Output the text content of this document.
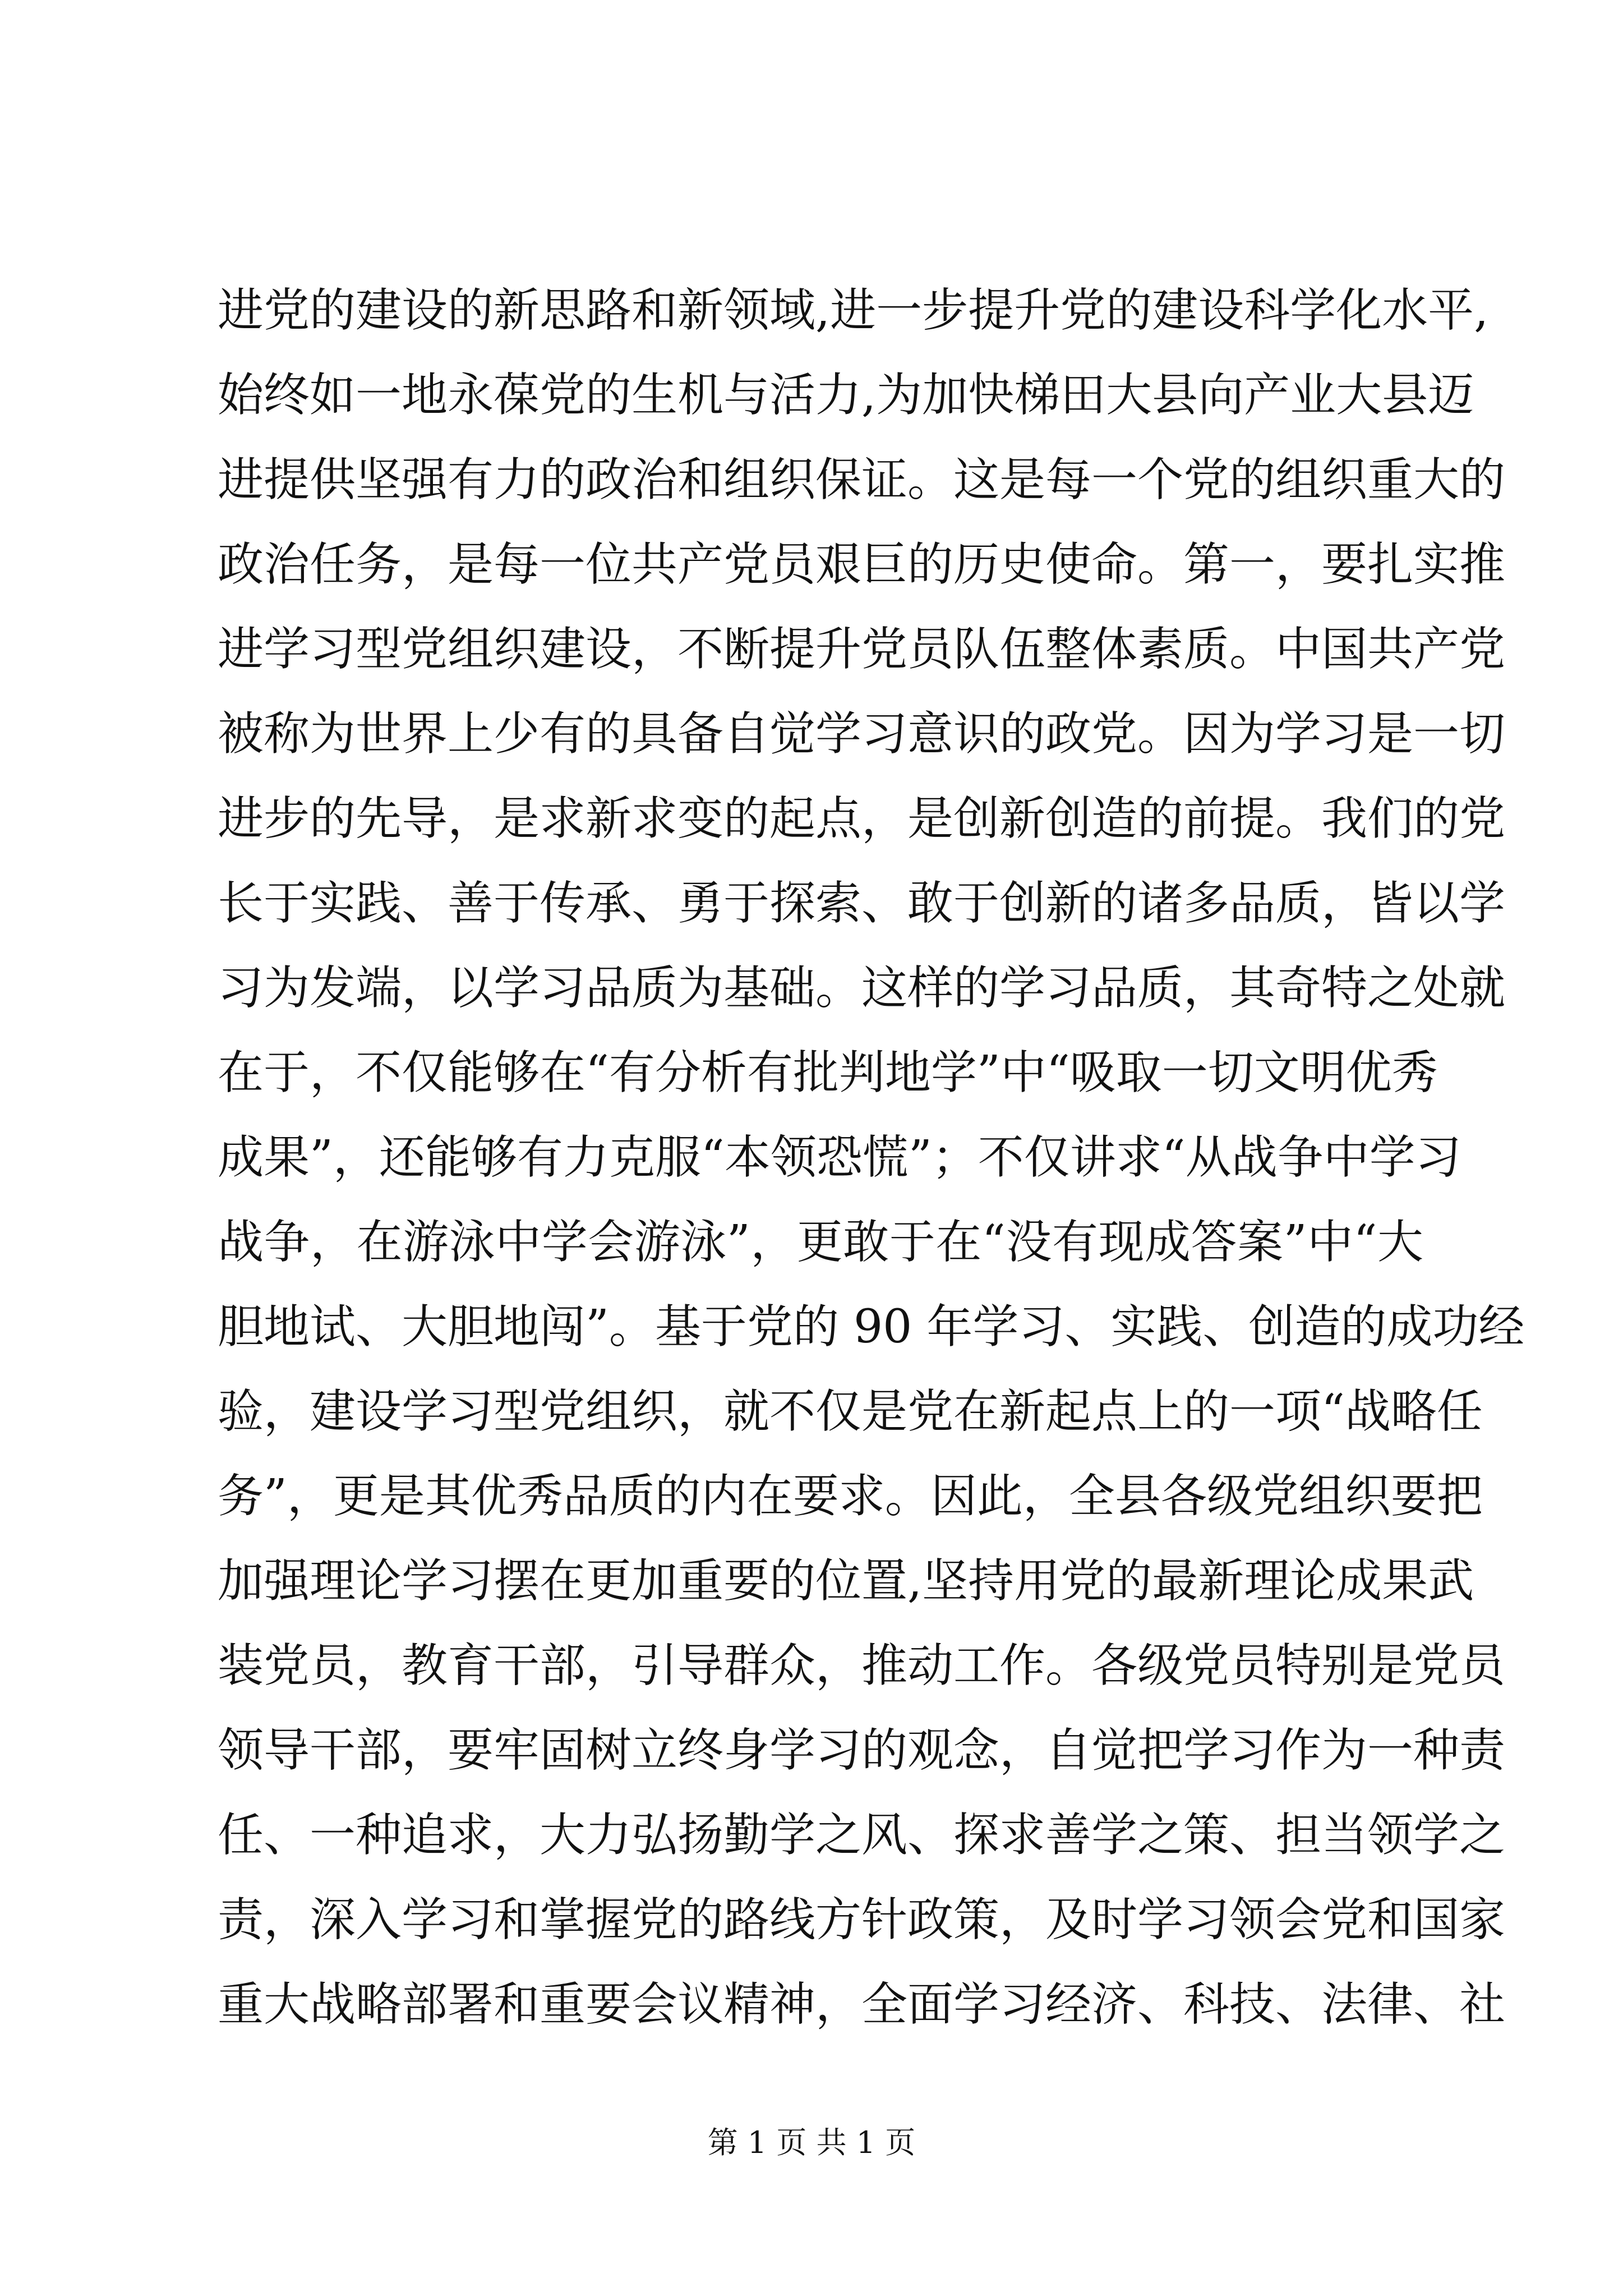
进党的建设的新思路和新领域,进一步提升党的建设科学化水平,
始终如一地永葆党的生机与活力,为加快梯田大县向产业大县迈
进提供坚强有力的政治和组织保证。这是每一个党的组织重大的
政治任务，是每一位共产党员艰巨的历史使命。第一，要扎实推
进学习型党组织建设，不断提升党员队伍整体素质。中国共产党
被称为世界上少有的具备自觉学习意识的政党。因为学习是一切
进步的先导，是求新求变的起点，是创新创造的前提。我们的党
长于实践、善于传承、勇于探索、敢于创新的诸多品质，皆以学
习为发端，以学习品质为基础。这样的学习品质，其奇特之处就
在于，不仅能够在“有分析有批判地学”中“吸取一切文明优秀
成果”，还能够有力克服“本领恐慌”；不仅讲求“从战争中学习
战争，在游泳中学会游泳”，更敢于在“没有现成答案”中“大
胆地试、大胆地闯”。基于党的 90 年学习、实践、创造的成功经
验，建设学习型党组织，就不仅是党在新起点上的一项“战略任
务”，更是其优秀品质的内在要求。因此，全县各级党组织要把
加强理论学习摆在更加重要的位置,坚持用党的最新理论成果武
装党员，教育干部，引导群众，推动工作。各级党员特别是党员
领导干部，要牢固树立终身学习的观念，自觉把学习作为一种责
任、一种追求，大力弘扬勤学之风、探求善学之策、担当领学之
责，深入学习和掌握党的路线方针政策，及时学习领会党和国家
重大战略部署和重要会议精神，全面学习经济、科技、法律、社
第 1 页 共 1 页
